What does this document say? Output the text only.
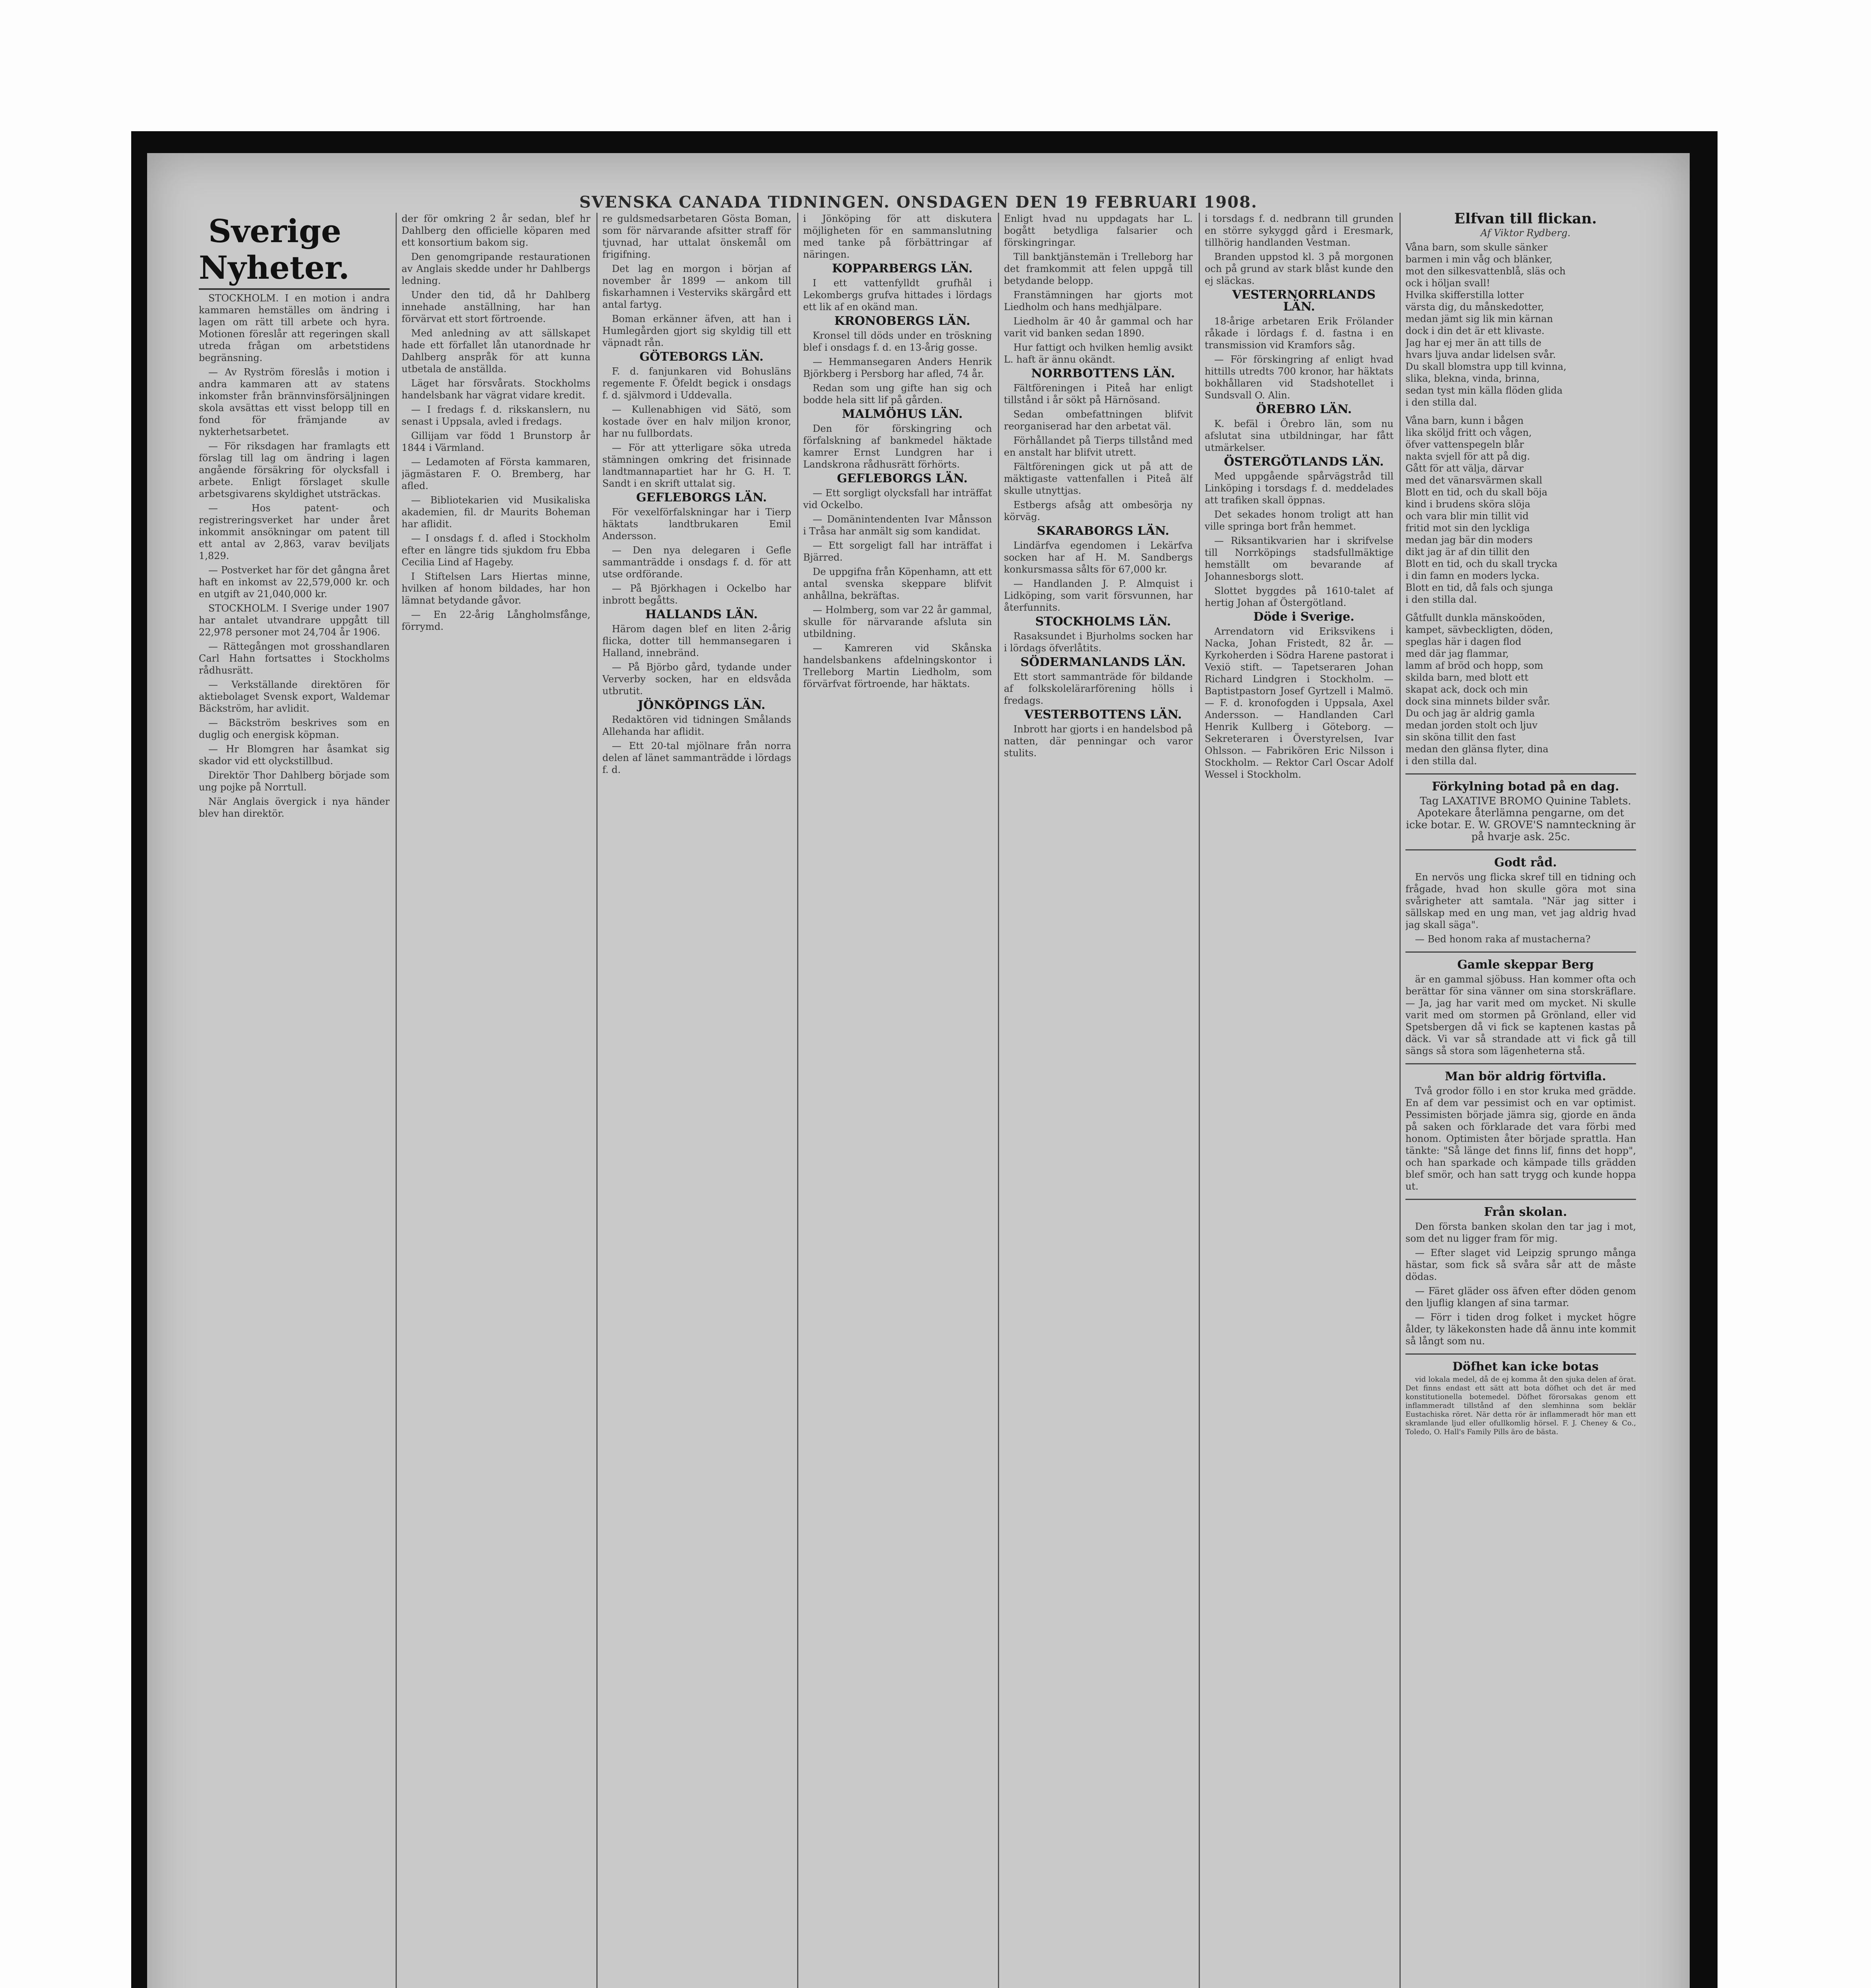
SVENSKA CANADA TIDNINGEN. ONSDAGEN DEN 19 FEBRUARI 1908.

Sverige Nyheter.

STOCKHOLM. I en motion i andra kammaren hemställes om ändring i lagen om rätt till arbete och hyra. Motionen föreslår att regeringen skall utreda frågan om arbetstidens begränsning.

— Av Ryström föreslås i motion i andra kammaren att av statens inkomster från brännvinsförsäljningen skola avsättas ett visst belopp till en fond för främjande av nykterhetsarbetet.

— För riksdagen har framlagts ett förslag till lag om ändring i lagen angående försäkring för olycksfall i arbete. Enligt förslaget skulle arbetsgivarens skyldighet utsträckas.

— Hos patent- och registreringsverket har under året inkommit ansökningar om patent till ett antal av 2,863, varav beviljats 1,829.

— Postverket har för det gångna året haft en inkomst av 22,579,000 kr. och en utgift av 21,040,000 kr.

STOCKHOLM. I Sverige under 1907 har antalet utvandrare uppgått till 22,978 personer mot 24,704 år 1906.

— Rättegången mot grosshandlaren Carl Hahn fortsattes i Stockholms rådhusrätt.

— Verkställande direktören för aktiebolaget Svensk export, Waldemar Bäckström, har avlidit.

— Bäckström beskrives som en duglig och energisk köpman.

— Hr Blomgren har åsamkat sig skador vid ett olyckstillbud.

Direktör Thor Dahlberg började som ung pojke på Norrtull.

När Anglais övergick i nya händer blev han direktör.

der för omkring 2 år sedan, blef hr Dahlberg den officielle köparen med ett konsortium bakom sig.

Den genomgripande restaurationen av Anglais skedde under hr Dahlbergs ledning.

Under den tid, då hr Dahlberg innehade anställning, har han förvärvat ett stort förtroende.

Med anledning av att sällskapet hade ett förfallet lån utanordnade hr Dahlberg anspråk för att kunna utbetala de anställda.

Läget har försvårats. Stockholms handelsbank har vägrat vidare kredit.

— I fredags f. d. rikskanslern, nu senast i Uppsala, avled i fredags.

Gillijam var född 1 Brunstorp år 1844 i Värmland.

— Ledamoten af Första kammaren, jägmästaren F. O. Bremberg, har afled.

— Bibliotekarien vid Musikaliska akademien, fil. dr Maurits Boheman har aflidit.

— I onsdags f. d. afled i Stockholm efter en längre tids sjukdom fru Ebba Cecilia Lind af Hageby.

I Stiftelsen Lars Hiertas minne, hvilken af honom bildades, har hon lämnat betydande gåvor.

— En 22-årig Långholmsfånge, förrymd.

re guldsmedsarbetaren Gösta Boman, som för närvarande afsitter straff för tjuvnad, har uttalat önskemål om frigifning.

Det lag en morgon i början af november år 1899 — ankom till fiskarhamnen i Vesterviks skärgård ett antal fartyg.

Boman erkänner äfven, att han i Humlegården gjort sig skyldig till ett väpnadt rån.

GÖTEBORGS LÄN.

F. d. fanjunkaren vid Bohusläns regemente F. Öfeldt begick i onsdags f. d. självmord i Uddevalla.

— Kullenabhigen vid Sätö, som kostade över en halv miljon kronor, har nu fullbordats.

— För att ytterligare söka utreda stämningen omkring det frisinnade landtmannapartiet har hr G. H. T. Sandt i en skrift uttalat sig.

GEFLEBORGS LÄN.

För vexelförfalskningar har i Tierp häktats landtbrukaren Emil Andersson.

— Den nya delegaren i Gefle sammanträdde i onsdags f. d. för att utse ordförande.

— På Björkhagen i Ockelbo har inbrott begåtts.

HALLANDS LÄN.

Härom dagen blef en liten 2-årig flicka, dotter till hemmansegaren i Halland, innebränd.

— På Björbo gård, tydande under Ververby socken, har en eldsvåda utbrutit.

JÖNKÖPINGS LÄN.

Redaktören vid tidningen Smålands Allehanda har aflidit.

— Ett 20-tal mjölnare från norra delen af länet sammanträdde i lördags f. d.

i Jönköping för att diskutera möjligheten för en sammanslutning med tanke på förbättringar af näringen.

KOPPARBERGS LÄN.

I ett vattenfylldt grufhål i Lekombergs grufva hittades i lördags ett lik af en okänd man.

KRONOBERGS LÄN.

Kronsel till döds under en tröskning blef i onsdags f. d. en 13-årig gosse.

— Hemmansegaren Anders Henrik Björkberg i Persborg har afled, 74 år.

Redan som ung gifte han sig och bodde hela sitt lif på gården.

MALMÖHUS LÄN.

Den för förskingring och förfalskning af bankmedel häktade kamrer Ernst Lundgren har i Landskrona rådhusrätt förhörts.

GEFLEBORGS LÄN.

— Ett sorgligt olycksfall har inträffat vid Ockelbo.

— Domänintendenten Ivar Månsson i Tråsa har anmält sig som kandidat.

— Ett sorgeligt fall har inträffat i Bjärred.

De uppgifna från Köpenhamn, att ett antal svenska skeppare blifvit anhållna, bekräftas.

— Holmberg, som var 22 år gammal, skulle för närvarande afsluta sin utbildning.

— Kamreren vid Skånska handelsbankens afdelningskontor i Trelleborg Martin Liedholm, som förvärfvat förtroende, har häktats.

Enligt hvad nu uppdagats har L. bogått betydliga falsarier och förskingringar.

Till banktjänstemän i Trelleborg har det framkommit att felen uppgå till betydande belopp.

Franstämningen har gjorts mot Liedholm och hans medhjälpare.

Liedholm är 40 år gammal och har varit vid banken sedan 1890.

Hur fattigt och hvilken hemlig avsikt L. haft är ännu okändt.

NORRBOTTENS LÄN.

Fältföreningen i Piteå har enligt tillstånd i år sökt på Härnösand.

Sedan ombefattningen blifvit reorganiserad har den arbetat väl.

Förhållandet på Tierps tillstånd med en anstalt har blifvit utrett.

Fältföreningen gick ut på att de mäktigaste vattenfallen i Piteå älf skulle utnyttjas.

Estbergs afsåg att ombesörja ny körväg.

SKARABORGS LÄN.

Lindärfva egendomen i Lekärfva socken har af H. M. Sandbergs konkursmassa sålts för 67,000 kr.

— Handlanden J. P. Almquist i Lidköping, som varit försvunnen, har återfunnits.

STOCKHOLMS LÄN.

Rasaksundet i Bjurholms socken har i lördags öfverlåtits.

SÖDERMANLANDS LÄN.

Ett stort sammanträde för bildande af folkskolelärarförening hölls i fredags.

VESTERBOTTENS LÄN.

Inbrott har gjorts i en handelsbod på natten, där penningar och varor stulits.

i torsdags f. d. nedbrann till grunden en större sykyggd gård i Eresmark, tillhörig handlanden Vestman.

Branden uppstod kl. 3 på morgonen och på grund av stark blåst kunde den ej släckas.

VESTERNORRLANDS LÄN.

18-årige arbetaren Erik Frölander råkade i lördags f. d. fastna i en transmission vid Kramfors såg.

— För förskingring af enligt hvad hittills utredts 700 kronor, har häktats bokhållaren vid Stadshotellet i Sundsvall O. Alin.

ÖREBRO LÄN.

K. befäl i Örebro län, som nu afslutat sina utbildningar, har fått utmärkelser.

ÖSTERGÖTLANDS LÄN.

Med uppgående spårvägstråd till Linköping i torsdags f. d. meddelades att trafiken skall öppnas.

Det sekades honom troligt att han ville springa bort från hemmet.

— Riksantikvarien har i skrifvelse till Norrköpings stadsfullmäktige hemställt om bevarande af Johannesborgs slott.

Slottet byggdes på 1610-talet af hertig Johan af Östergötland.

Döde i Sverige.

Arrendatorn vid Eriksvikens i Nacka, Johan Fristedt, 82 år. — Kyrkoherden i Södra Harene pastorat i Vexiö stift. — Tapetseraren Johan Richard Lindgren i Stockholm. — Baptistpastorn Josef Gyrtzell i Malmö. — F. d. kronofogden i Uppsala, Axel Andersson. — Handlanden Carl Henrik Kullberg i Göteborg. — Sekreteraren i Överstyrelsen, Ivar Ohlsson. — Fabrikören Eric Nilsson i Stockholm. — Rektor Carl Oscar Adolf Wessel i Stockholm.

Elfvan till flickan.

Af Viktor Rydberg.

Våna barn, som skulle sänker

barmen i min våg och blänker,

mot den silkesvattenblå, släs och

ock i höljan svall!

Hvilka skifferstilla lotter

värsta dig, du månskedotter,

medan jämt sig lik min kärnan

dock i din det är ett klivaste.

Jag har ej mer än att tills de

hvars ljuva andar lidelsen svår.

Du skall blomstra upp till kvinna,

slika, blekna, vinda, brinna,

sedan tyst min källa flöden glida

i den stilla dal.

Våna barn, kunn i bågen

lika sköljd fritt och vågen,

öfver vattenspegeln blår

nakta svjell för att på dig.

Gått för att välja, därvar

med det vänarsvärmen skall

Blott en tid, och du skall böja

kind i brudens sköra slöja

och vara blir min tillit vid

fritid mot sin den lyckliga

medan jag bär din moders

dikt jag är af din tillit den

Blott en tid, och du skall trycka

i din famn en moders lycka.

Blott en tid, då fals och sjunga

i den stilla dal.

Gåtfullt dunkla mänskoöden,

kampet, sävbeckligten, döden,

speglas här i dagen flod

med där jag flammar,

lamm af bröd och hopp, som

skilda barn, med blott ett

skapat ack, dock och min

dock sina minnets bilder svår.

Du och jag är aldrig gamla

medan jorden stolt och ljuv

sin sköna tillit den fast

medan den glänsa flyter, dina

i den stilla dal.

Förkylning botad på en dag.

Tag LAXATIVE BROMO Quinine Tablets. Apotekare återlämna pengarne, om det icke botar. E. W. GROVE'S namnteckning är på hvarje ask. 25c.

Godt råd.

En nervös ung flicka skref till en tidning och frågade, hvad hon skulle göra mot sina svårigheter att samtala. "När jag sitter i sällskap med en ung man, vet jag aldrig hvad jag skall säga".

— Bed honom raka af mustacherna?

Gamle skeppar Berg

är en gammal sjöbuss. Han kommer ofta och berättar för sina vänner om sina storskräflare. — Ja, jag har varit med om mycket. Ni skulle varit med om stormen på Grönland, eller vid Spetsbergen då vi fick se kaptenen kastas på däck. Vi var så strandade att vi fick gå till sängs så stora som lägenheterna stå.

Man bör aldrig förtvifla.

Två grodor föllo i en stor kruka med grädde. En af dem var pessimist och en var optimist. Pessimisten började jämra sig, gjorde en ända på saken och förklarade det vara förbi med honom. Optimisten åter började sprattla. Han tänkte: "Så länge det finns lif, finns det hopp", och han sparkade och kämpade tills grädden blef smör, och han satt trygg och kunde hoppa ut.

Från skolan.

Den första banken skolan den tar jag i mot, som det nu ligger fram för mig.

— Efter slaget vid Leipzig sprungo många hästar, som fick så svåra sår att de måste dödas.

— Färet gläder oss äfven efter döden genom den ljuflig klangen af sina tarmar.

— Förr i tiden drog folket i mycket högre ålder, ty läkekonsten hade då ännu inte kommit så långt som nu.

Döfhet kan icke botas

vid lokala medel, då de ej komma åt den sjuka delen af örat. Det finns endast ett sätt att bota döfhet och det är med konstitutionella botemedel. Döfhet förorsakas genom ett inflammeradt tillstånd af den slemhinna som beklär Eustachiska röret. När detta rör är inflammeradt hör man ett skramlande ljud eller ofullkomlig hörsel. F. J. Cheney & Co., Toledo, O. Hall's Family Pills äro de bästa.
